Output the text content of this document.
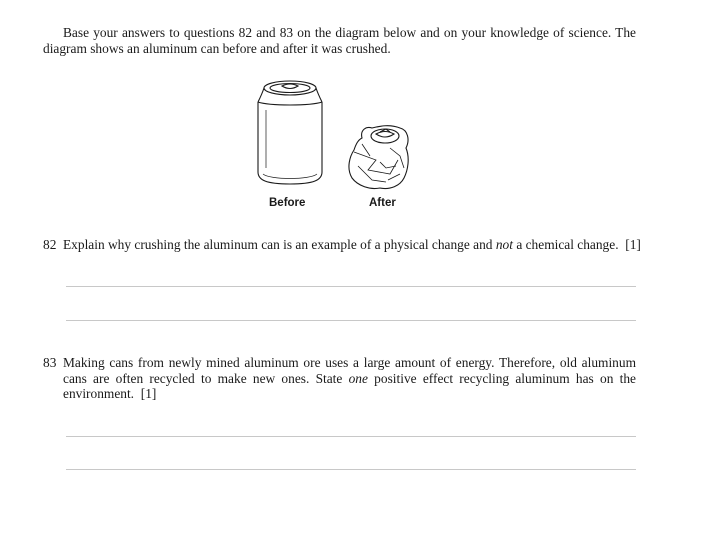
Base your answers to questions 82 and 83 on the diagram below and on your knowledge of science. The diagram shows an aluminum can before and after it was crushed.

Before	After
82 Explain why crushing the aluminum can is an example of a physical change and not a chemical change. [1]
83 Making cans from newly mined aluminum ore uses a large amount of energy. Therefore, old aluminum cans are often recycled to make new ones. State one positive effect recycling aluminum has on the environment. [1]
